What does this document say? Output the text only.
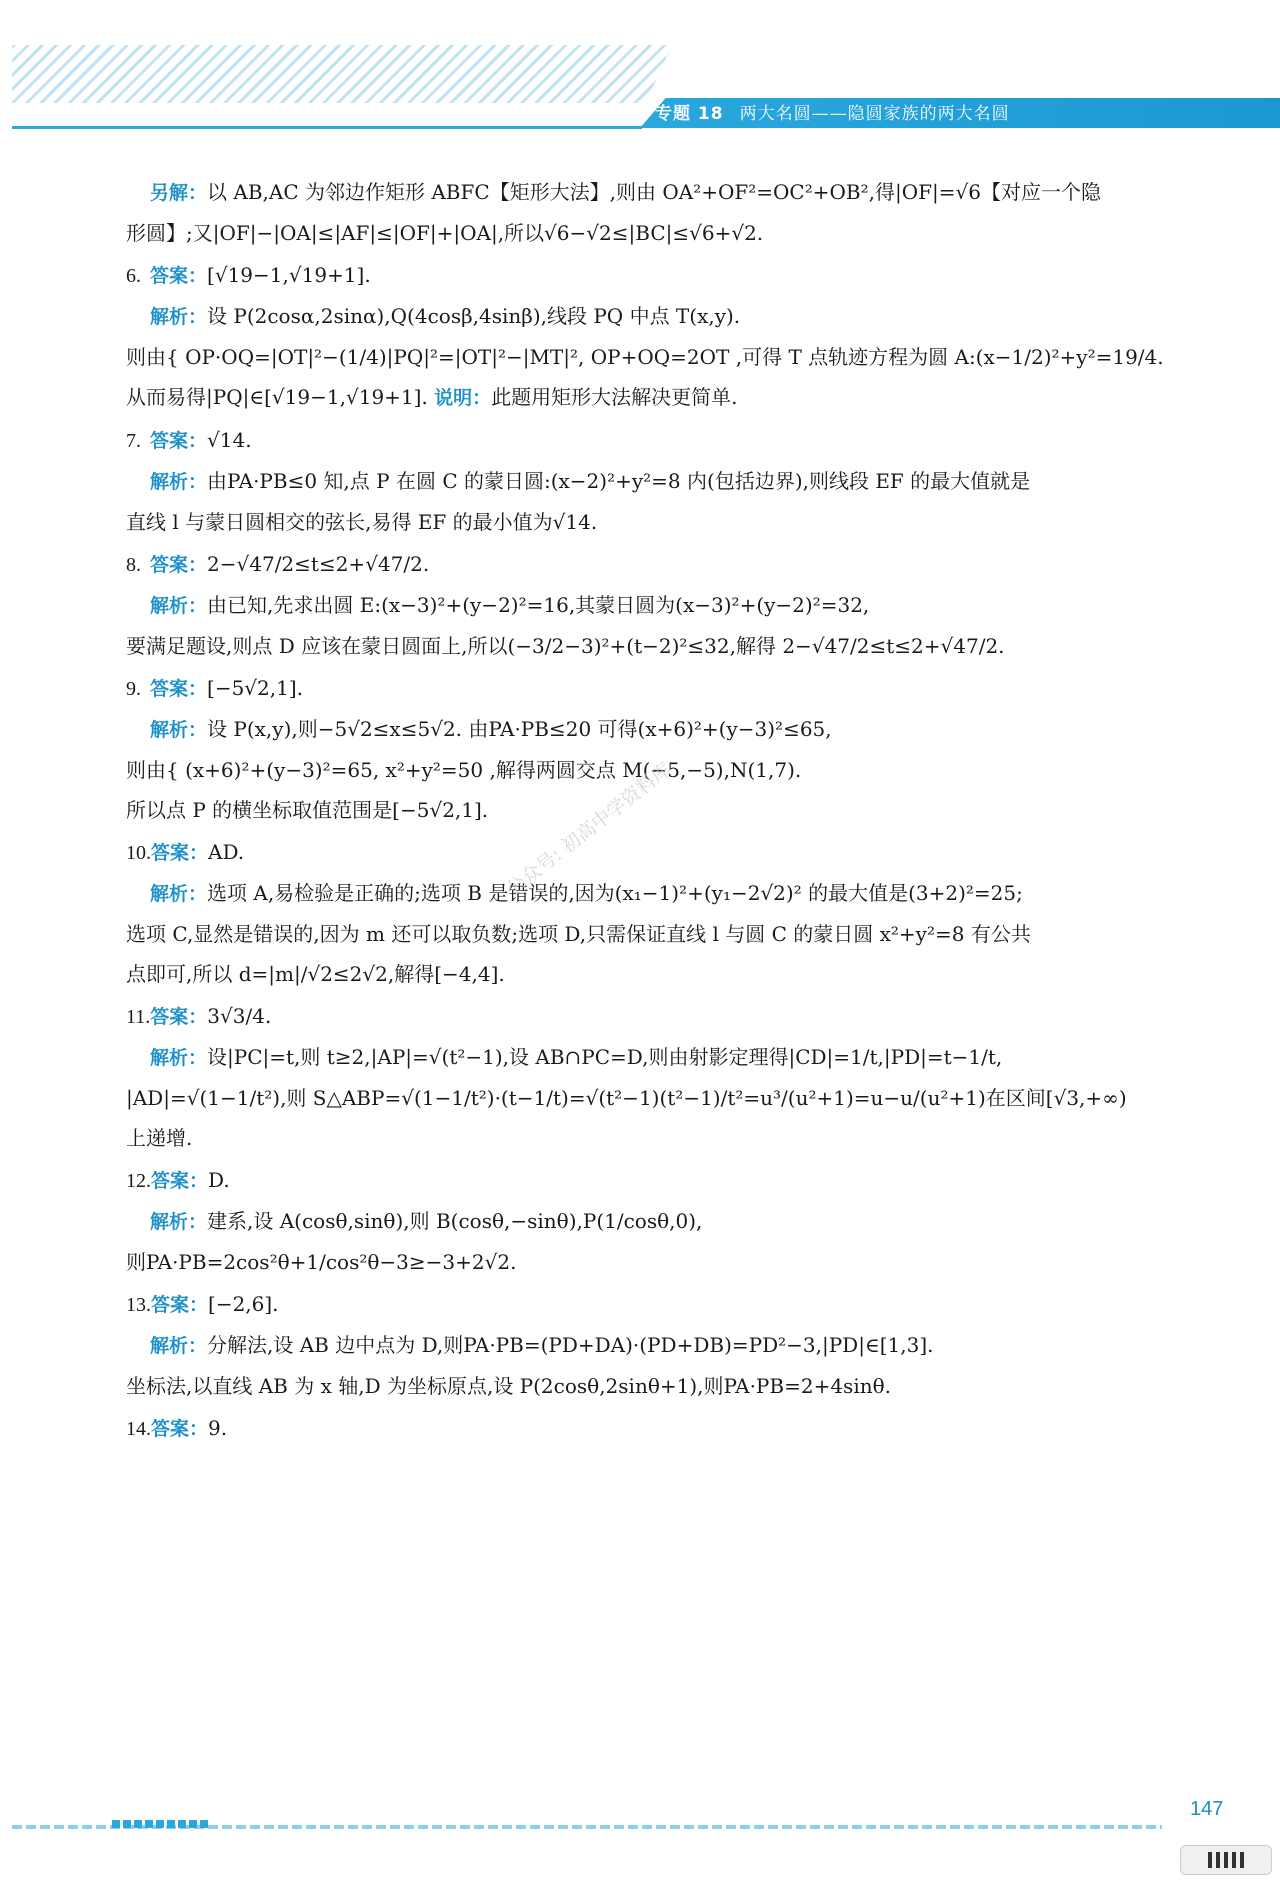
专题 18 两大名圆——隐圆家族的两大名圆
另解：以 AB,AC 为邻边作矩形 ABFC【矩形大法】,则由 OA²+OF²=OC²+OB²,得|OF|=√6【对应一个隐
形圆】;又|OF|−|OA|≤|AF|≤|OF|+|OA|,所以√6−√2≤|BC|≤√6+√2.
6. 答案：[√19−1,√19+1].
解析：设 P(2cosα,2sinα),Q(4cosβ,4sinβ),线段 PQ 中点 T(x,y).
则由{ OP·OQ=|OT|²−(1/4)|PQ|²=|OT|²−|MT|², OP+OQ=2OT ,可得 T 点轨迹方程为圆 A:(x−1/2)²+y²=19/4.
从而易得|PQ|∈[√19−1,√19+1]. 说明：此题用矩形大法解决更简单.
7. 答案：√14.
解析：由PA·PB≤0 知,点 P 在圆 C 的蒙日圆:(x−2)²+y²=8 内(包括边界),则线段 EF 的最大值就是
直线 l 与蒙日圆相交的弦长,易得 EF 的最小值为√14.
8. 答案：2−√47/2≤t≤2+√47/2.
解析：由已知,先求出圆 E:(x−3)²+(y−2)²=16,其蒙日圆为(x−3)²+(y−2)²=32,
要满足题设,则点 D 应该在蒙日圆面上,所以(−3/2−3)²+(t−2)²≤32,解得 2−√47/2≤t≤2+√47/2.
9. 答案：[−5√2,1].
解析：设 P(x,y),则−5√2≤x≤5√2. 由PA·PB≤20 可得(x+6)²+(y−3)²≤65,
则由{ (x+6)²+(y−3)²=65, x²+y²=50 ,解得两圆交点 M(−5,−5),N(1,7).
所以点 P 的横坐标取值范围是[−5√2,1].
10.答案：AD.
解析：选项 A,易检验是正确的;选项 B 是错误的,因为(x₁−1)²+(y₁−2√2)² 的最大值是(3+2)²=25;
选项 C,显然是错误的,因为 m 还可以取负数;选项 D,只需保证直线 l 与圆 C 的蒙日圆 x²+y²=8 有公共
点即可,所以 d=|m|/√2≤2√2,解得[−4,4].
11.答案：3√3/4.
解析：设|PC|=t,则 t≥2,|AP|=√(t²−1),设 AB∩PC=D,则由射影定理得|CD|=1/t,|PD|=t−1/t,
|AD|=√(1−1/t²),则 S△ABP=√(1−1/t²)·(t−1/t)=√(t²−1)(t²−1)/t²=u³/(u²+1)=u−u/(u²+1)在区间[√3,+∞)
上递增.
12.答案：D.
解析：建系,设 A(cosθ,sinθ),则 B(cosθ,−sinθ),P(1/cosθ,0),
则PA·PB=2cos²θ+1/cos²θ−3≥−3+2√2.
13.答案：[−2,6].
解析：分解法,设 AB 边中点为 D,则PA·PB=(PD+DA)·(PD+DB)=PD²−3,|PD|∈[1,3].
坐标法,以直线 AB 为 x 轴,D 为坐标原点,设 P(2cosθ,2sinθ+1),则PA·PB=2+4sinθ.
14.答案：9.
公众号: 初高中学资料库
147
